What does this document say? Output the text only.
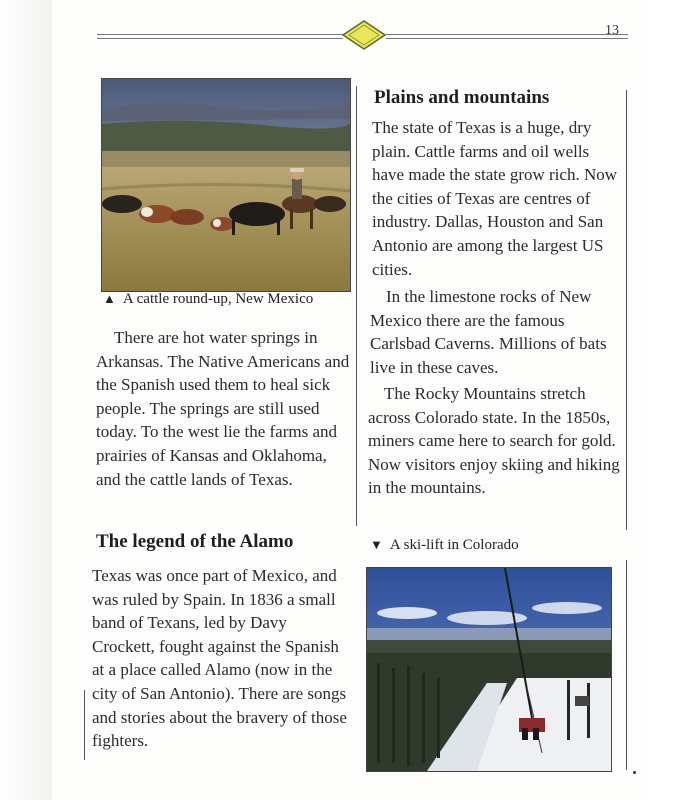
13
▲ A cattle round-up, New Mexico
There are hot water springs in Arkansas. The Native Americans and the Spanish used them to heal sick people. The springs are still used today. To the west lie the farms and prairies of Kansas and Oklahoma, and the cattle lands of Texas.
The legend of the Alamo
Texas was once part of Mexico, and was ruled by Spain. In 1836 a small band of Texans, led by Davy Crockett, fought against the Spanish at a place called Alamo (now in the city of San Antonio). There are songs and stories about the bravery of those fighters.
Plains and mountains
The state of Texas is a huge, dry plain. Cattle farms and oil wells have made the state grow rich. Now the cities of Texas are centres of industry. Dallas, Houston and San Antonio are among the largest US cities.
In the limestone rocks of New Mexico there are the famous Carlsbad Caverns. Millions of bats live in these caves.
The Rocky Mountains stretch across Colorado state. In the 1850s, miners came here to search for gold. Now visitors enjoy skiing and hiking in the mountains.
▼ A ski-lift in Colorado
